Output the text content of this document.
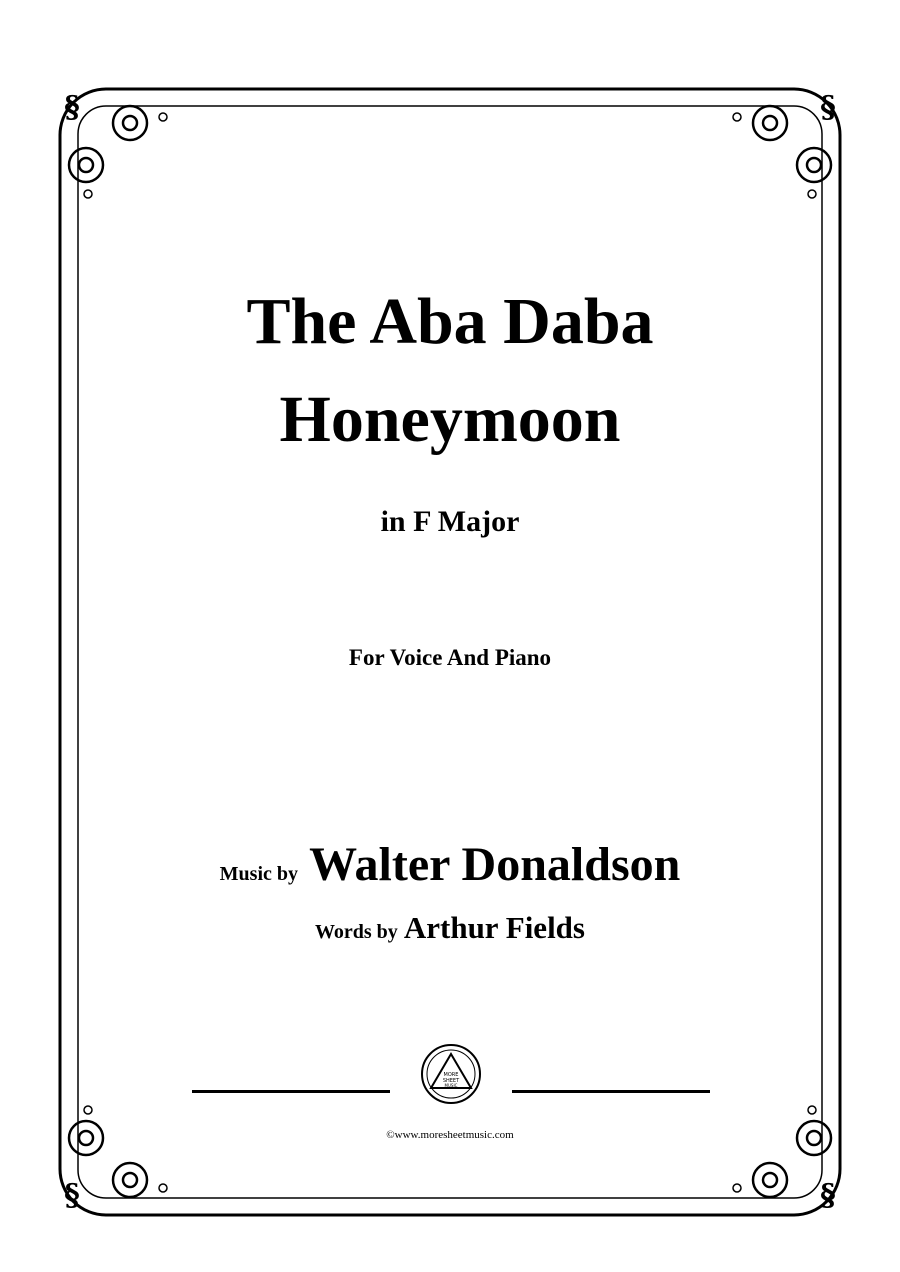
§	§
§	§
The Aba Daba
Honeymoon
in F Major
For Voice And Piano
Music by Walter Donaldson
Words by Arthur Fields
MORE
SHEET
MUSIC
©www.moresheetmusic.com
